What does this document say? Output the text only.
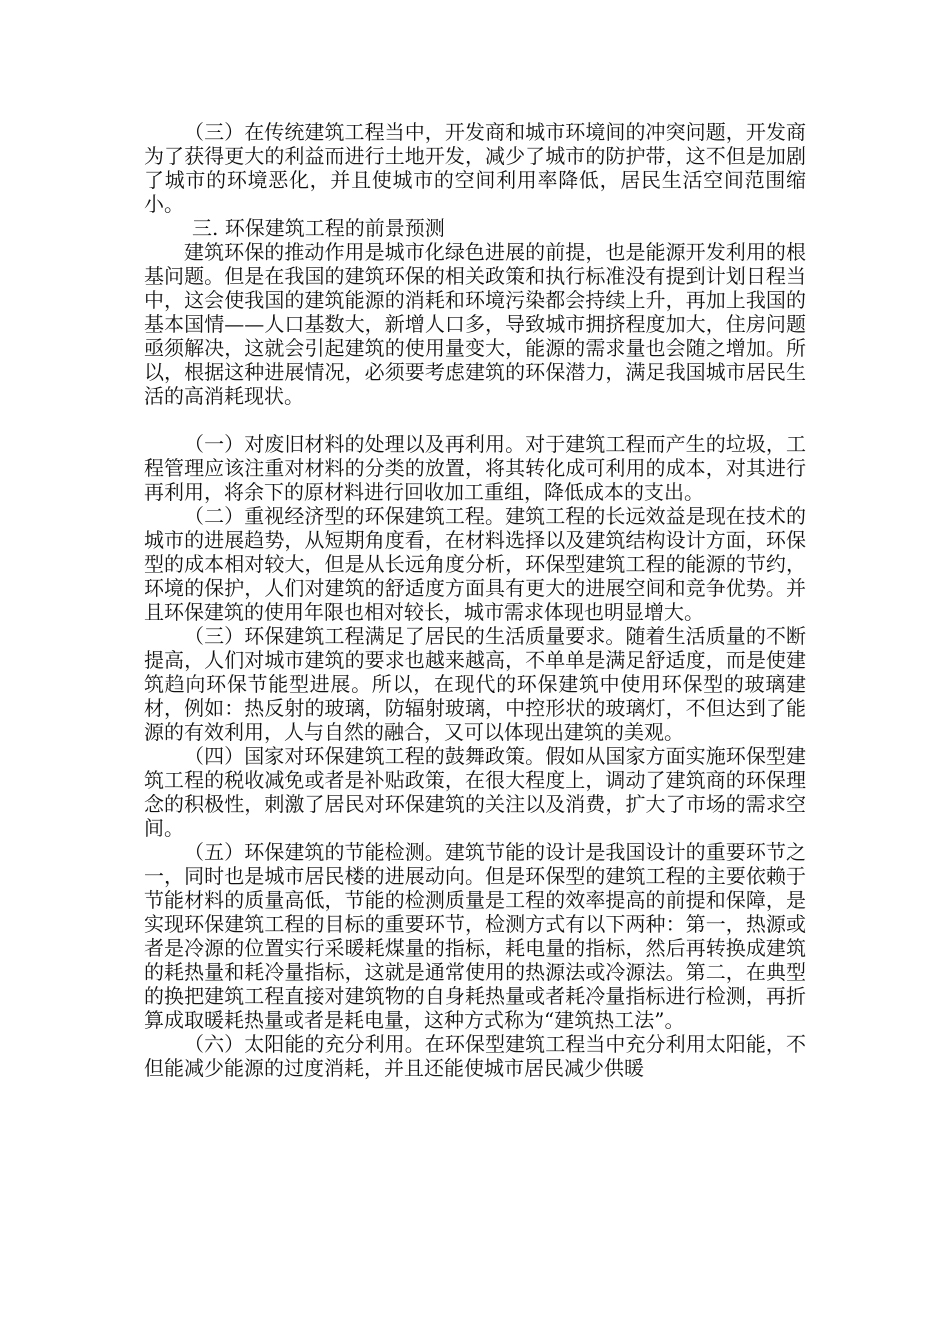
（三）在传统建筑工程当中，开发商和城市环境间的冲突问题，开发商为了获得更大的利益而进行土地开发，减少了城市的防护带，这不但是加剧了城市的环境恶化，并且使城市的空间利用率降低，居民生活空间范围缩小。

三. 环保建筑工程的前景预测

建筑环保的推动作用是城市化绿色进展的前提，也是能源开发利用的根基问题。但是在我国的建筑环保的相关政策和执行标准没有提到计划日程当中，这会使我国的建筑能源的消耗和环境污染都会持续上升，再加上我国的基本国情——人口基数大，新增人口多，导致城市拥挤程度加大，住房问题亟须解决，这就会引起建筑的使用量变大，能源的需求量也会随之增加。所以，根据这种进展情况，必须要考虑建筑的环保潜力，满足我国城市居民生活的高消耗现状。

（一）对废旧材料的处理以及再利用。对于建筑工程而产生的垃圾，工程管理应该注重对材料的分类的放置，将其转化成可利用的成本，对其进行再利用，将余下的原材料进行回收加工重组，降低成本的支出。

（二）重视经济型的环保建筑工程。建筑工程的长远效益是现在技术的城市的进展趋势，从短期角度看，在材料选择以及建筑结构设计方面，环保型的成本相对较大，但是从长远角度分析，环保型建筑工程的能源的节约，环境的保护，人们对建筑的舒适度方面具有更大的进展空间和竞争优势。并且环保建筑的使用年限也相对较长，城市需求体现也明显增大。

（三）环保建筑工程满足了居民的生活质量要求。随着生活质量的不断提高，人们对城市建筑的要求也越来越高，不单单是满足舒适度，而是使建筑趋向环保节能型进展。所以，在现代的环保建筑中使用环保型的玻璃建材，例如：热反射的玻璃，防辐射玻璃，中控形状的玻璃灯，不但达到了能源的有效利用，人与自然的融合，又可以体现出建筑的美观。

（四）国家对环保建筑工程的鼓舞政策。假如从国家方面实施环保型建筑工程的税收减免或者是补贴政策，在很大程度上，调动了建筑商的环保理念的积极性，刺激了居民对环保建筑的关注以及消费，扩大了市场的需求空间。

（五）环保建筑的节能检测。建筑节能的设计是我国设计的重要环节之一，同时也是城市居民楼的进展动向。但是环保型的建筑工程的主要依赖于节能材料的质量高低，节能的检测质量是工程的效率提高的前提和保障，是实现环保建筑工程的目标的重要环节，检测方式有以下两种：第一，热源或者是冷源的位置实行采暖耗煤量的指标，耗电量的指标，然后再转换成建筑的耗热量和耗冷量指标，这就是通常使用的热源法或冷源法。第二，在典型的换把建筑工程直接对建筑物的自身耗热量或者耗冷量指标进行检测，再折算成取暖耗热量或者是耗电量，这种方式称为“建筑热工法”。

（六）太阳能的充分利用。在环保型建筑工程当中充分利用太阳能，不但能减少能源的过度消耗，并且还能使城市居民减少供暖
